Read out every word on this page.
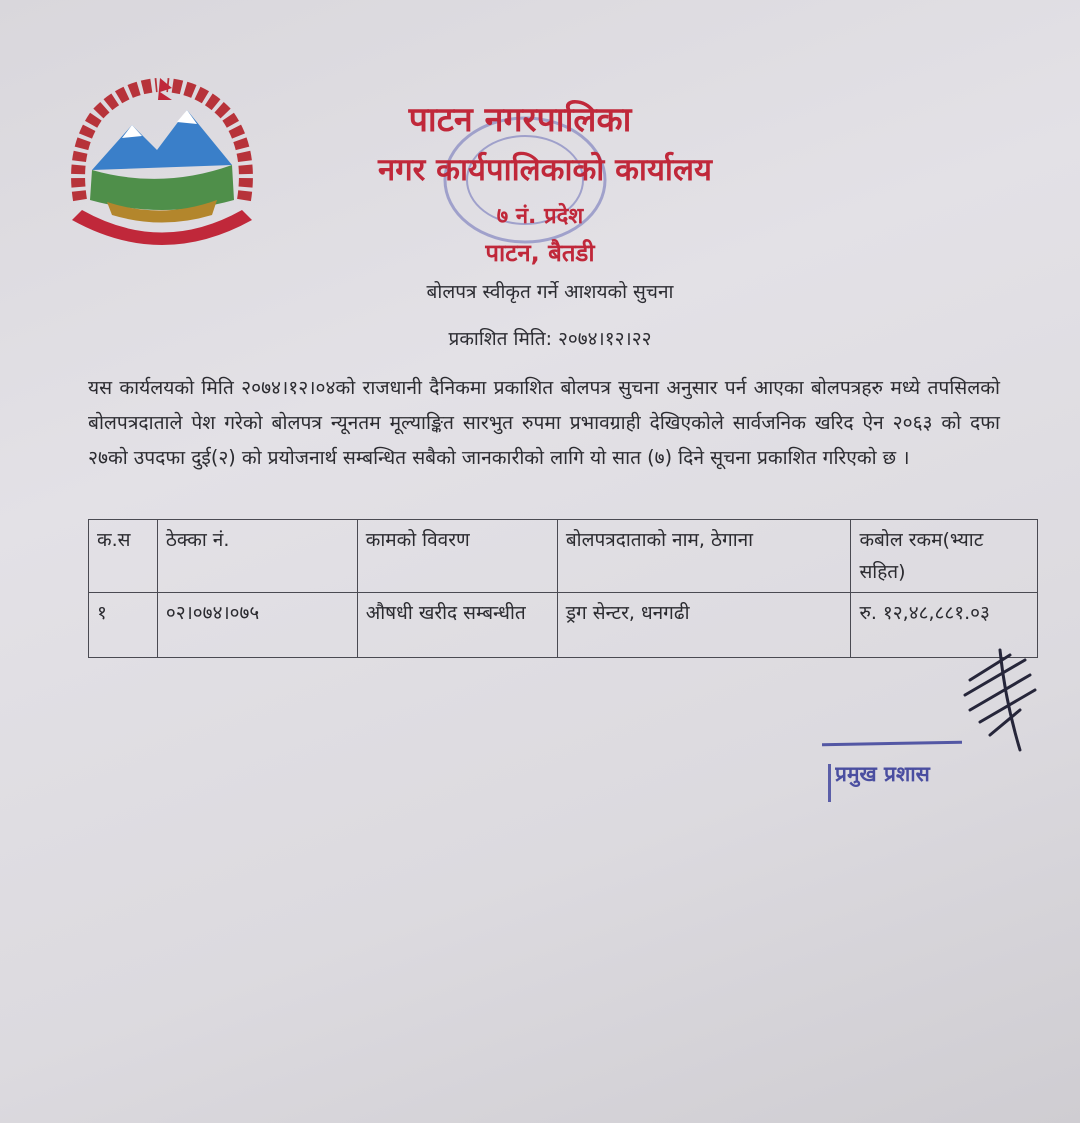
पाटन नगरपालिका
नगर कार्यपालिकाको कार्यालय
७ नं. प्रदेश
पाटन, बैतडी
बोलपत्र स्वीकृत गर्ने आशयको सुचना
प्रकाशित मिति: २०७४।१२।२२
यस कार्यलयको मिति २०७४।१२।०४को राजधानी दैनिकमा प्रकाशित बोलपत्र सुचना अनुसार पर्न आएका बोलपत्रहरु मध्ये तपसिलको बोलपत्रदाताले पेश गरेको बोलपत्र न्यूनतम मूल्याङ्कित सारभुत रुपमा प्रभावग्राही देखिएकोले सार्वजनिक खरिद ऐन २०६३ को दफा २७को उपदफा दुई(२) को प्रयोजनार्थ सम्बन्धित सबैको जानकारीको लागि यो सात (७) दिने सूचना प्रकाशित गरिएको छ ।
क.स	ठेक्का नं.	कामको विवरण	बोलपत्रदाताको नाम, ठेगाना	कबोल रकम(भ्याट सहित)
१	०२।०७४।०७५	औषधी खरीद सम्बन्धीत	ड्रग सेन्टर, धनगढी	रु. १२,४८,८८१.०३
प्रमुख प्रशास
